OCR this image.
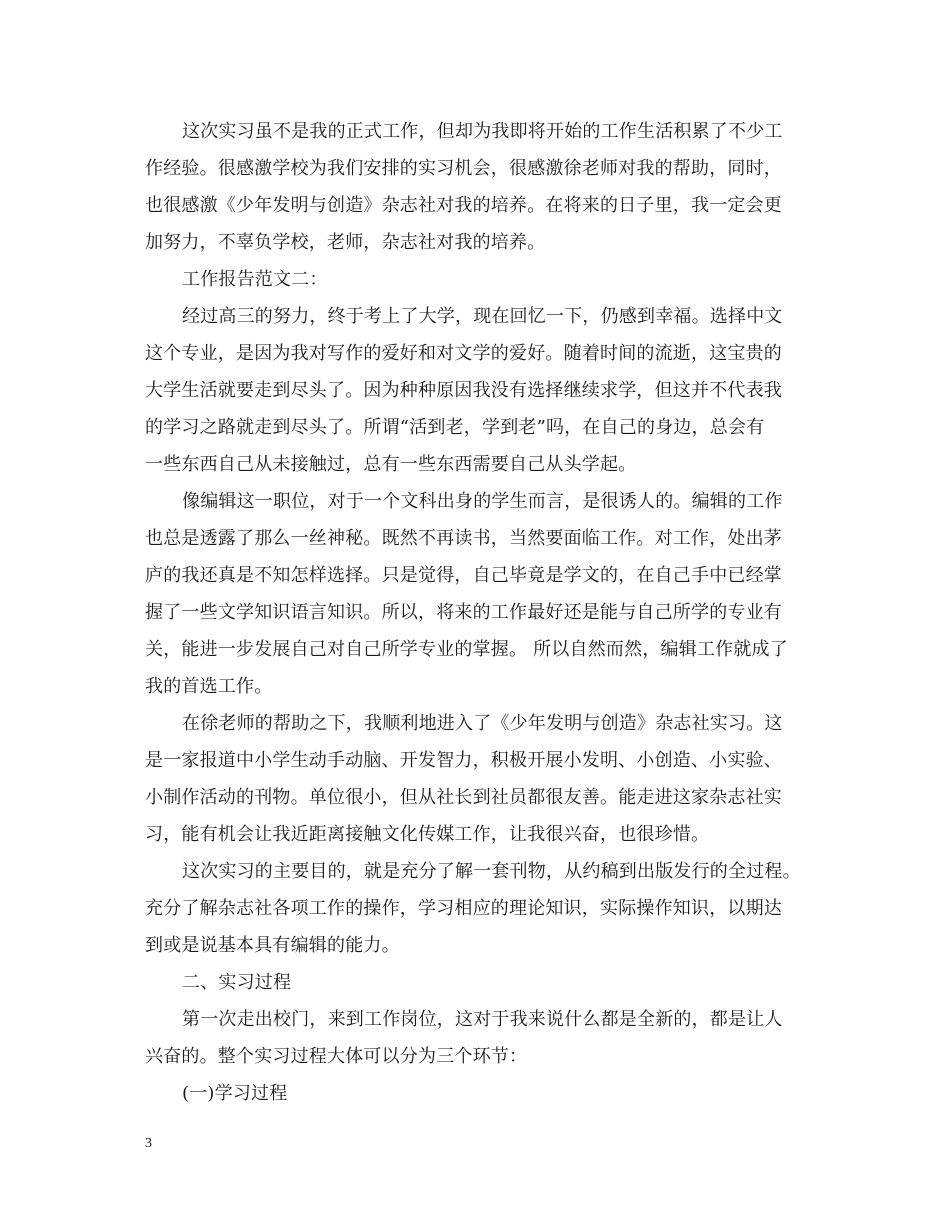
这次实习虽不是我的正式工作，但却为我即将开始的工作生活积累了不少工
作经验。很感激学校为我们安排的实习机会，很感激徐老师对我的帮助，同时，
也很感激《少年发明与创造》杂志社对我的培养。在将来的日子里，我一定会更
加努力，不辜负学校，老师，杂志社对我的培养。
工作报告范文二：
经过高三的努力，终于考上了大学，现在回忆一下，仍感到幸福。选择中文
这个专业，是因为我对写作的爱好和对文学的爱好。随着时间的流逝，这宝贵的
大学生活就要走到尽头了。因为种种原因我没有选择继续求学，但这并不代表我
的学习之路就走到尽头了。所谓“活到老，学到老”吗，在自己的身边，总会有
一些东西自己从未接触过，总有一些东西需要自己从头学起。
像编辑这一职位，对于一个文科出身的学生而言，是很诱人的。编辑的工作
也总是透露了那么一丝神秘。既然不再读书，当然要面临工作。对工作，处出茅
庐的我还真是不知怎样选择。只是觉得，自己毕竟是学文的，在自己手中已经掌
握了一些文学知识语言知识。所以，将来的工作最好还是能与自己所学的专业有
关，能进一步发展自己对自己所学专业的掌握。 所以自然而然，编辑工作就成了
我的首选工作。
在徐老师的帮助之下，我顺利地进入了《少年发明与创造》杂志社实习。这
是一家报道中小学生动手动脑、开发智力，积极开展小发明、小创造、小实验、
小制作活动的刊物。单位很小，但从社长到社员都很友善。能走进这家杂志社实
习，能有机会让我近距离接触文化传媒工作，让我很兴奋，也很珍惜。
这次实习的主要目的，就是充分了解一套刊物，从约稿到出版发行的全过程。
充分了解杂志社各项工作的操作，学习相应的理论知识，实际操作知识，以期达
到或是说基本具有编辑的能力。
二、实习过程
第一次走出校门，来到工作岗位，这对于我来说什么都是全新的，都是让人
兴奋的。整个实习过程大体可以分为三个环节：
(一)学习过程
3
